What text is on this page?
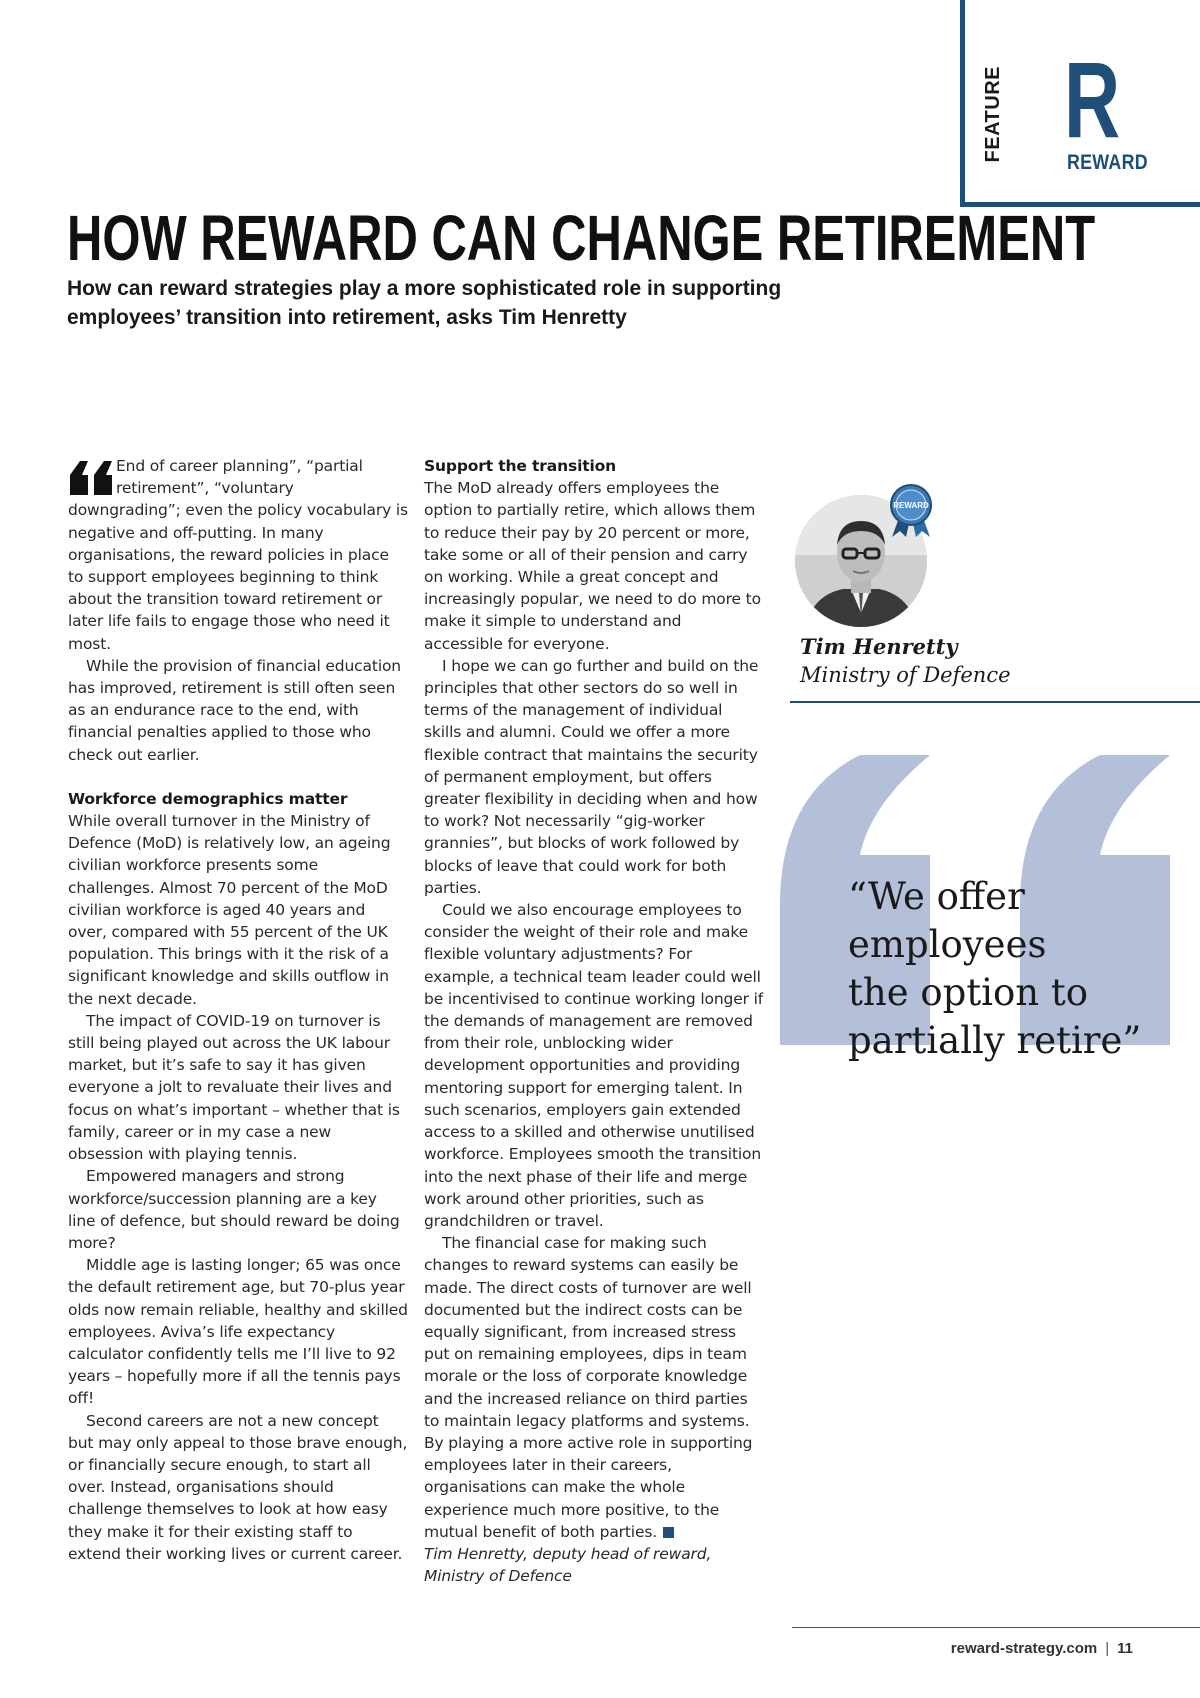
FEATURE R
REWARD
HOW REWARD CAN CHANGE RETIREMENT

How can reward strategies play a more sophisticated role in supporting employees’ transition into retirement, asks Tim Henretty

End of career planning”, “partial retirement”, “voluntary downgrading”; even the policy vocabulary is negative and off-putting. In many organisations, the reward policies in place to support employees beginning to think about the transition toward retirement or later life fails to engage those who need it most.

While the provision of financial education has improved, retirement is still often seen as an endurance race to the end, with financial penalties applied to those who check out earlier.

Workforce demographics matter

While overall turnover in the Ministry of Defence (MoD) is relatively low, an ageing civilian workforce presents some challenges. Almost 70 percent of the MoD civilian workforce is aged 40 years and over, compared with 55 percent of the UK population. This brings with it the risk of a significant knowledge and skills outflow in the next decade.

The impact of COVID-19 on turnover is still being played out across the UK labour market, but it’s safe to say it has given everyone a jolt to revaluate their lives and focus on what’s important – whether that is family, career or in my case a new obsession with playing tennis.

Empowered managers and strong workforce/succession planning are a key line of defence, but should reward be doing more?

Middle age is lasting longer; 65 was once the default retirement age, but 70-plus year olds now remain reliable, healthy and skilled employees. Aviva’s life expectancy calculator confidently tells me I’ll live to 92 years – hopefully more if all the tennis pays off!

Second careers are not a new concept but may only appeal to those brave enough, or financially secure enough, to start all over. Instead, organisations should challenge themselves to look at how easy they make it for their existing staff to extend their working lives or current career.

Support the transition

The MoD already offers employees the option to partially retire, which allows them to reduce their pay by 20 percent or more, take some or all of their pension and carry on working. While a great concept and increasingly popular, we need to do more to make it simple to understand and accessible for everyone.

I hope we can go further and build on the principles that other sectors do so well in terms of the management of individual skills and alumni. Could we offer a more flexible contract that maintains the security of permanent employment, but offers greater flexibility in deciding when and how to work? Not necessarily “gig-worker grannies”, but blocks of work followed by blocks of leave that could work for both parties.

Could we also encourage employees to consider the weight of their role and make flexible voluntary adjustments? For example, a technical team leader could well be incentivised to continue working longer if the demands of management are removed from their role, unblocking wider development opportunities and providing mentoring support for emerging talent. In such scenarios, employers gain extended access to a skilled and otherwise unutilised workforce. Employees smooth the transition into the next phase of their life and merge work around other priorities, such as grandchildren or travel.

The financial case for making such changes to reward systems can easily be made. The direct costs of turnover are well documented but the indirect costs can be equally significant, from increased stress put on remaining employees, dips in team morale or the loss of corporate knowledge and the increased reliance on third parties to maintain legacy platforms and systems. By playing a more active role in supporting employees later in their careers, organisations can make the whole experience much more positive, to the mutual benefit of both parties.

Tim Henretty, deputy head of reward,

Ministry of Defence

REWARD
Tim Henretty
Ministry of Defence
“We offer
employees
the option to
partially retire”
reward-strategy.com | 11
